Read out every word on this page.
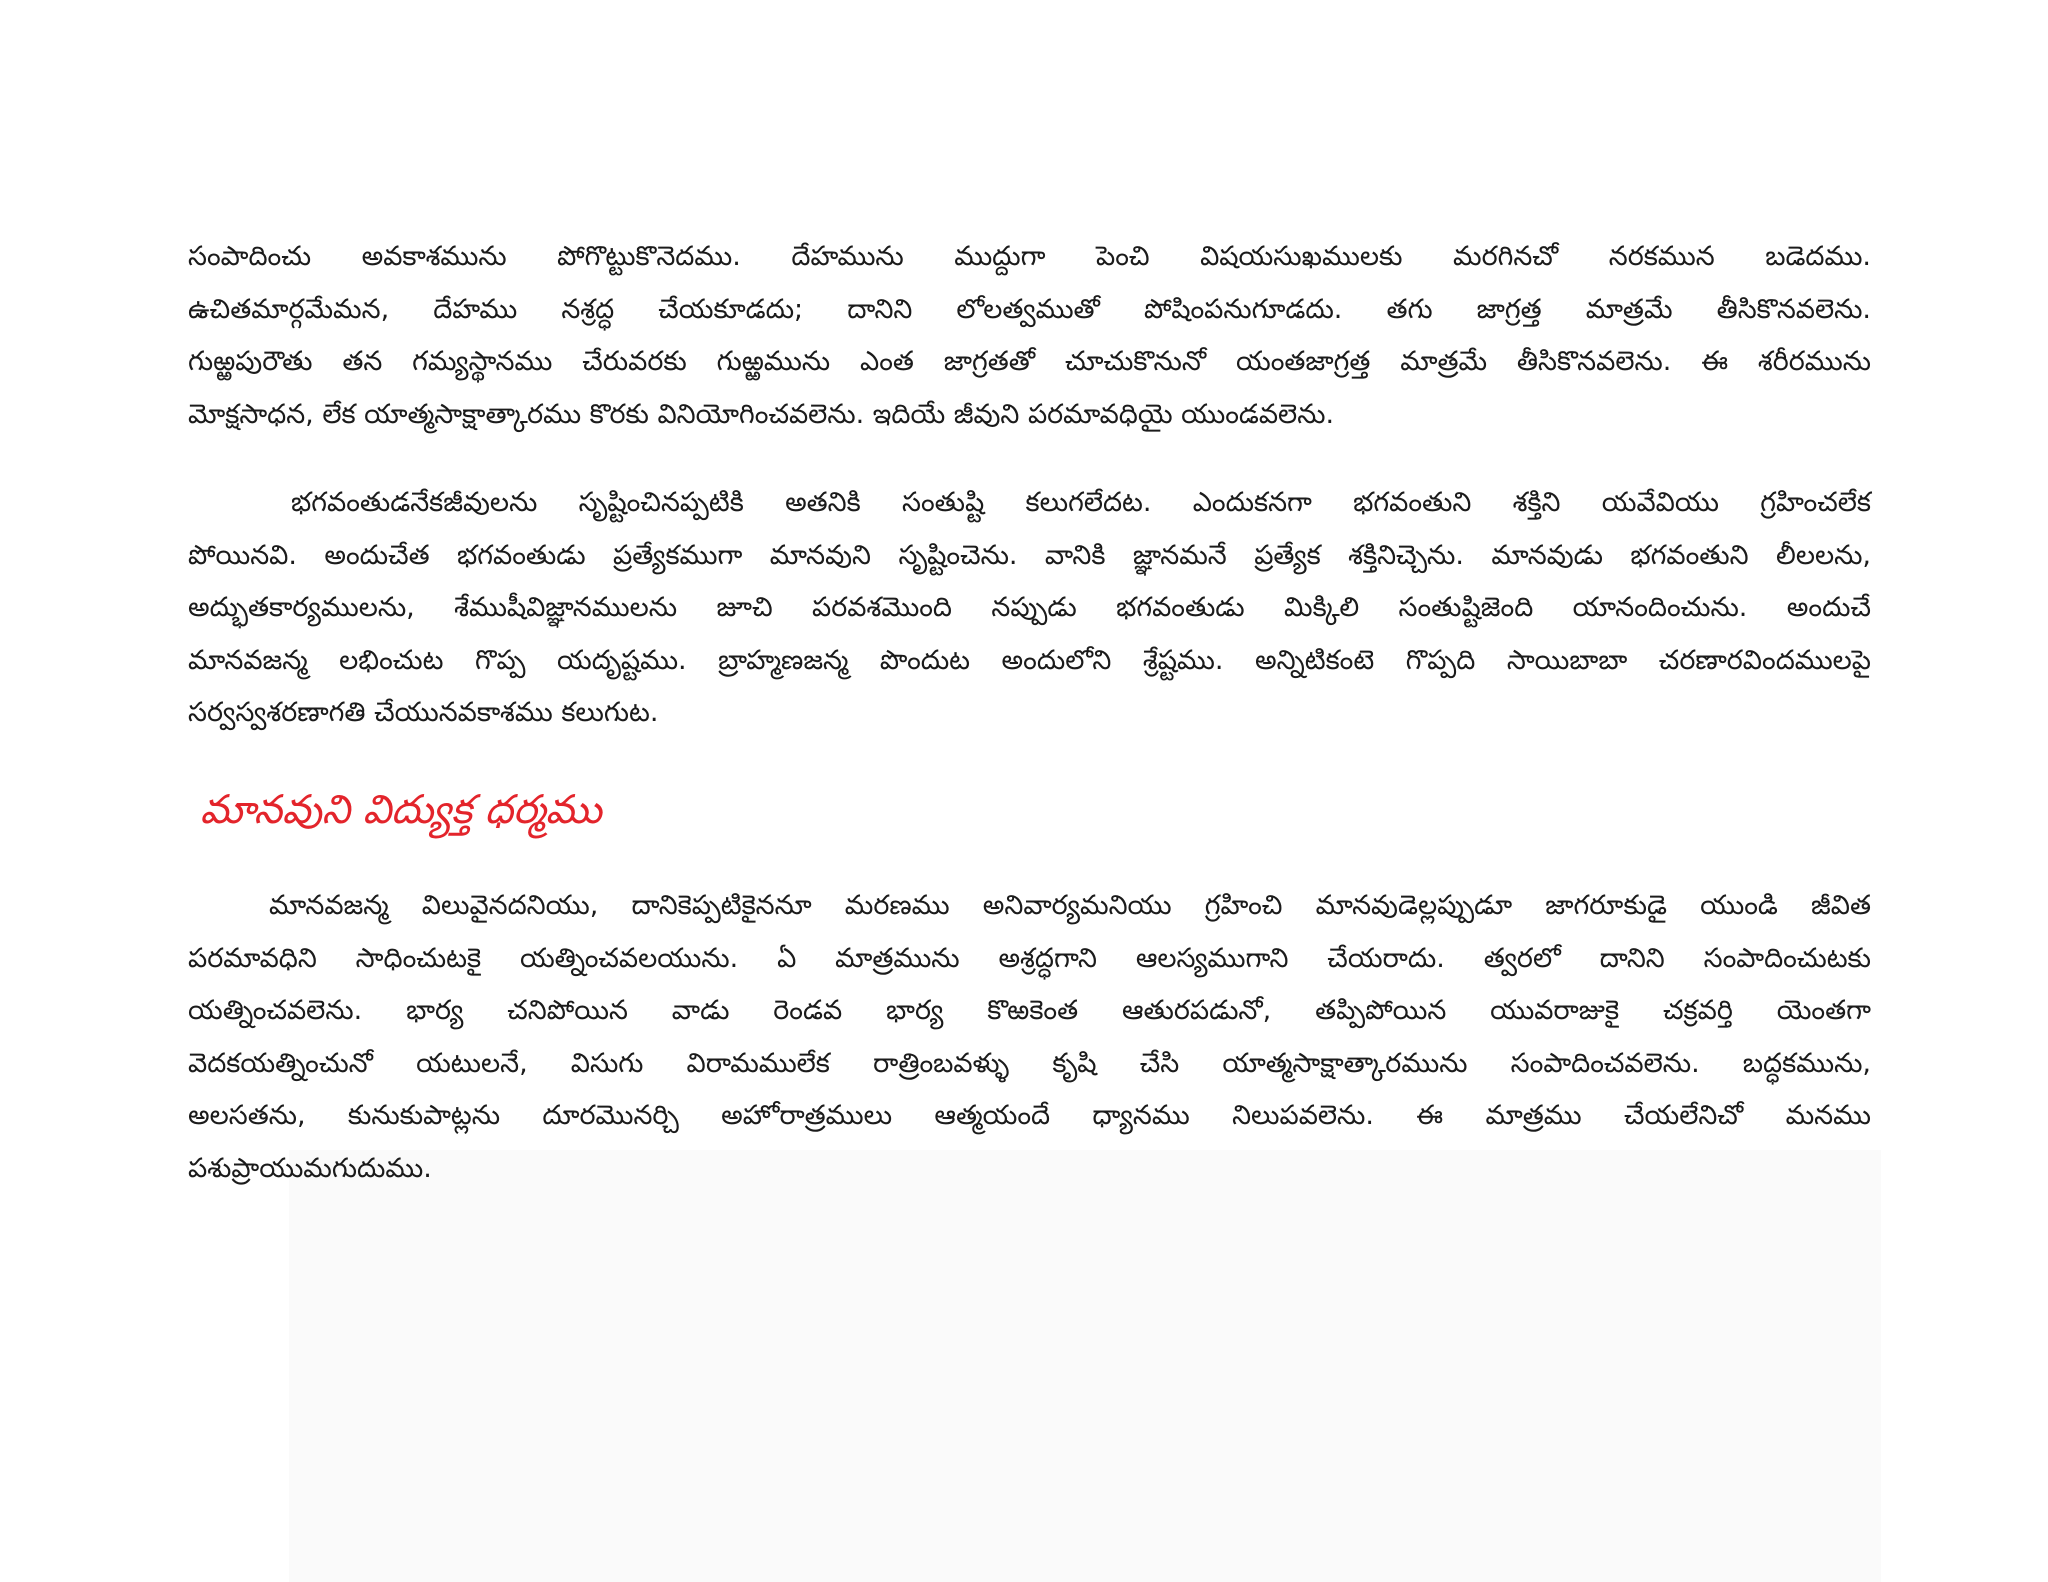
సంపాదించు అవకాశమును పోగొట్టుకొనెదము. దేహమును ముద్దుగా పెంచి విషయసుఖములకు మరగినచో నరకమున బడెదము.
ఉచితమార్గమేమన, దేహము నశ్రద్ధ చేయకూడదు; దానిని లోలత్వముతో పోషింపనుగూడదు. తగు జాగ్రత్త మాత్రమే తీసికొనవలెను.
గుఱ్ఱపురౌతు తన గమ్యస్థానము చేరువరకు గుఱ్ఱమును ఎంత జాగ్రతతో చూచుకొనునో యంతజాగ్రత్త మాత్రమే తీసికొనవలెను. ఈ శరీరమును
మోక్షసాధన, లేక యాత్మసాక్షాత్కారము కొరకు వినియోగించవలెను. ఇదియే జీవుని పరమావధియై యుండవలెను.
భగవంతుడనేకజీవులను సృష్టించినప్పటికి అతనికి సంతుష్టి కలుగలేదట. ఎందుకనగా భగవంతుని శక్తిని యవేవియు గ్రహించలేక
పోయినవి. అందుచేత భగవంతుడు ప్రత్యేకముగా మానవుని సృష్టించెను. వానికి జ్ఞానమనే ప్రత్యేక శక్తినిచ్చెను. మానవుడు భగవంతుని లీలలను,
అద్భుతకార్యములను, శేముషీవిజ్ఞానములను జూచి పరవశమొంది నప్పుడు భగవంతుడు మిక్కిలి సంతుష్టిజెంది యానందించును. అందుచే
మానవజన్మ లభించుట గొప్ప యదృష్టము. బ్రాహ్మణజన్మ పొందుట అందులోని శ్రేష్టము. అన్నిటికంటె గొప్పది సాయిబాబా చరణారవిందములపై
సర్వస్వశరణాగతి చేయునవకాశము కలుగుట.
మానవుని విద్యుక్త ధర్మము
మానవజన్మ విలువైనదనియు, దానికెప్పటికైననూ మరణము అనివార్యమనియు గ్రహించి మానవుడెల్లప్పుడూ జాగరూకుడై యుండి జీవిత
పరమావధిని సాధించుటకై యత్నించవలయును. ఏ మాత్రమును అశ్రద్ధగాని ఆలస్యముగాని చేయరాదు. త్వరలో దానిని సంపాదించుటకు
యత్నించవలెను. భార్య చనిపోయిన వాడు రెండవ భార్య కొఱకెంత ఆతురపడునో, తప్పిపోయిన యువరాజుకై చక్రవర్తి యెంతగా
వెదకయత్నించునో యటులనే, విసుగు విరామములేక రాత్రింబవళ్ళు కృషి చేసి యాత్మసాక్షాత్కారమును సంపాదించవలెను. బద్ధకమును,
అలసతను, కునుకుపాట్లను దూరమొనర్చి అహోరాత్రములు ఆత్మయందే ధ్యానము నిలుపవలెను. ఈ మాత్రము చేయలేనిచో మనము
పశుప్రాయుమగుదుము.
